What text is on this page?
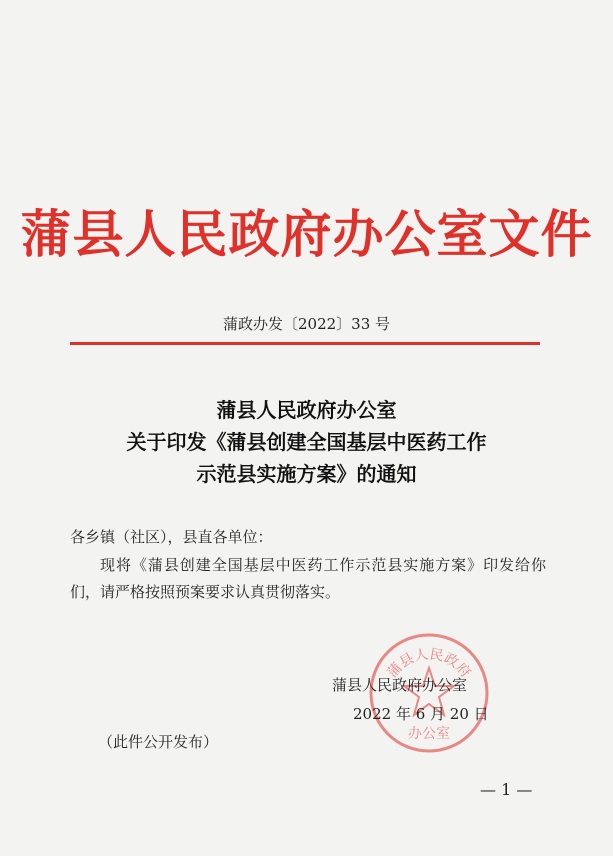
蒲县人民政府办公室文件
蒲政办发〔2022〕33 号
蒲县人民政府办公室
关于印发《蒲县创建全国基层中医药工作
示范县实施方案》的通知
各乡镇（社区），县直各单位：
现将《蒲县创建全国基层中医药工作示范县实施方案》印发给你们，请严格按照预案要求认真贯彻落实。
蒲县人民政府
办公室
蒲县人民政府办公室
2022 年 6 月 20 日
（此件公开发布）
— 1 —
